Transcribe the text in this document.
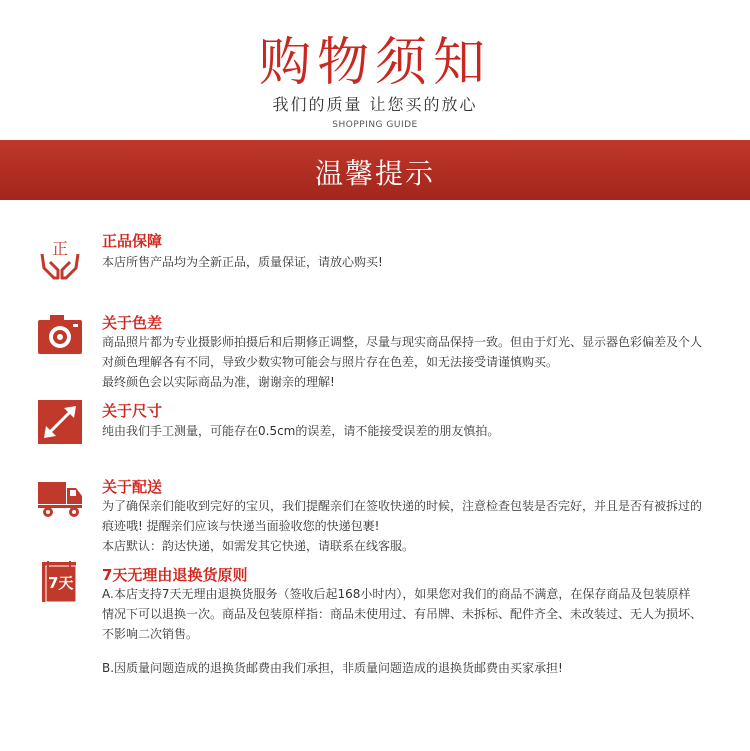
购物须知
我们的质量 让您买的放心
SHOPPING GUIDE
温馨提示
正 正品保障

本店所售产品均为全新正品，质量保证，请放心购买!

关于色差

商品照片都为专业摄影师拍摄后和后期修正调整，尽量与现实商品保持一致。但由于灯光、显示器色彩偏差及个人

对颜色理解各有不同，导致少数实物可能会与照片存在色差，如无法接受请谨慎购买。

最终颜色会以实际商品为准，谢谢亲的理解!

关于尺寸

纯由我们手工测量，可能存在0.5cm的误差，请不能接受误差的朋友慎拍。

关于配送

为了确保亲们能收到完好的宝贝，我们提醒亲们在签收快递的时候，注意检查包装是否完好，并且是否有被拆过的

痕迹哦! 提醒亲们应该与快递当面验收您的快递包裹!

本店默认：韵达快递，如需发其它快递，请联系在线客服。

7天 7天无理由退换货原则

A.本店支持7天无理由退换货服务（签收后起168小时内），如果您对我们的商品不满意，在保存商品及包装原样

情况下可以退换一次。商品及包装原样指：商品未使用过、有吊牌、未拆标、配件齐全、未改装过、无人为损坏、

不影响二次销售。

B.因质量问题造成的退换货邮费由我们承担，非质量问题造成的退换货邮费由买家承担!
